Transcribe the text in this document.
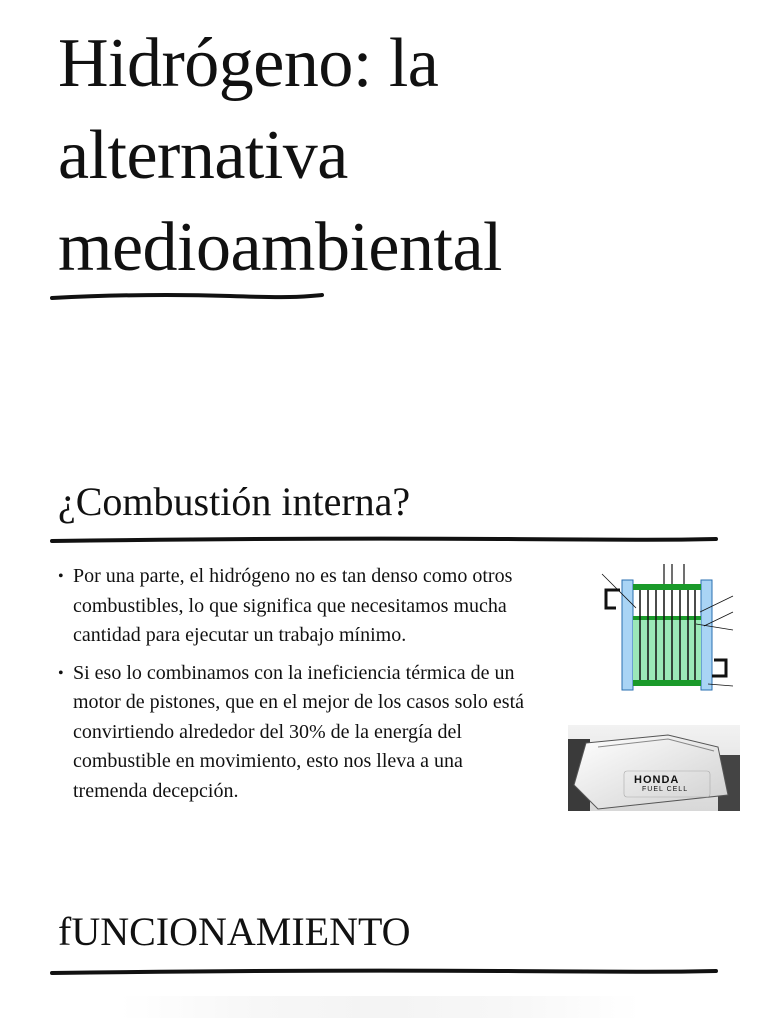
Hidrógeno: la alternativa medioambiental
¿Combustión interna?
• Por una parte, el hidrógeno no es tan denso como otros combustibles, lo que significa que necesitamos mucha cantidad para ejecutar un trabajo mínimo.
• Si eso lo combinamos con la ineficiencia térmica de un motor de pistones, que en el mejor de los casos solo está convirtiendo alrededor del 30% de la energía del combustible en movimiento, esto nos lleva a una tremenda decepción.	HONDA
FUEL CELL
fUNCIONAMIENTO
